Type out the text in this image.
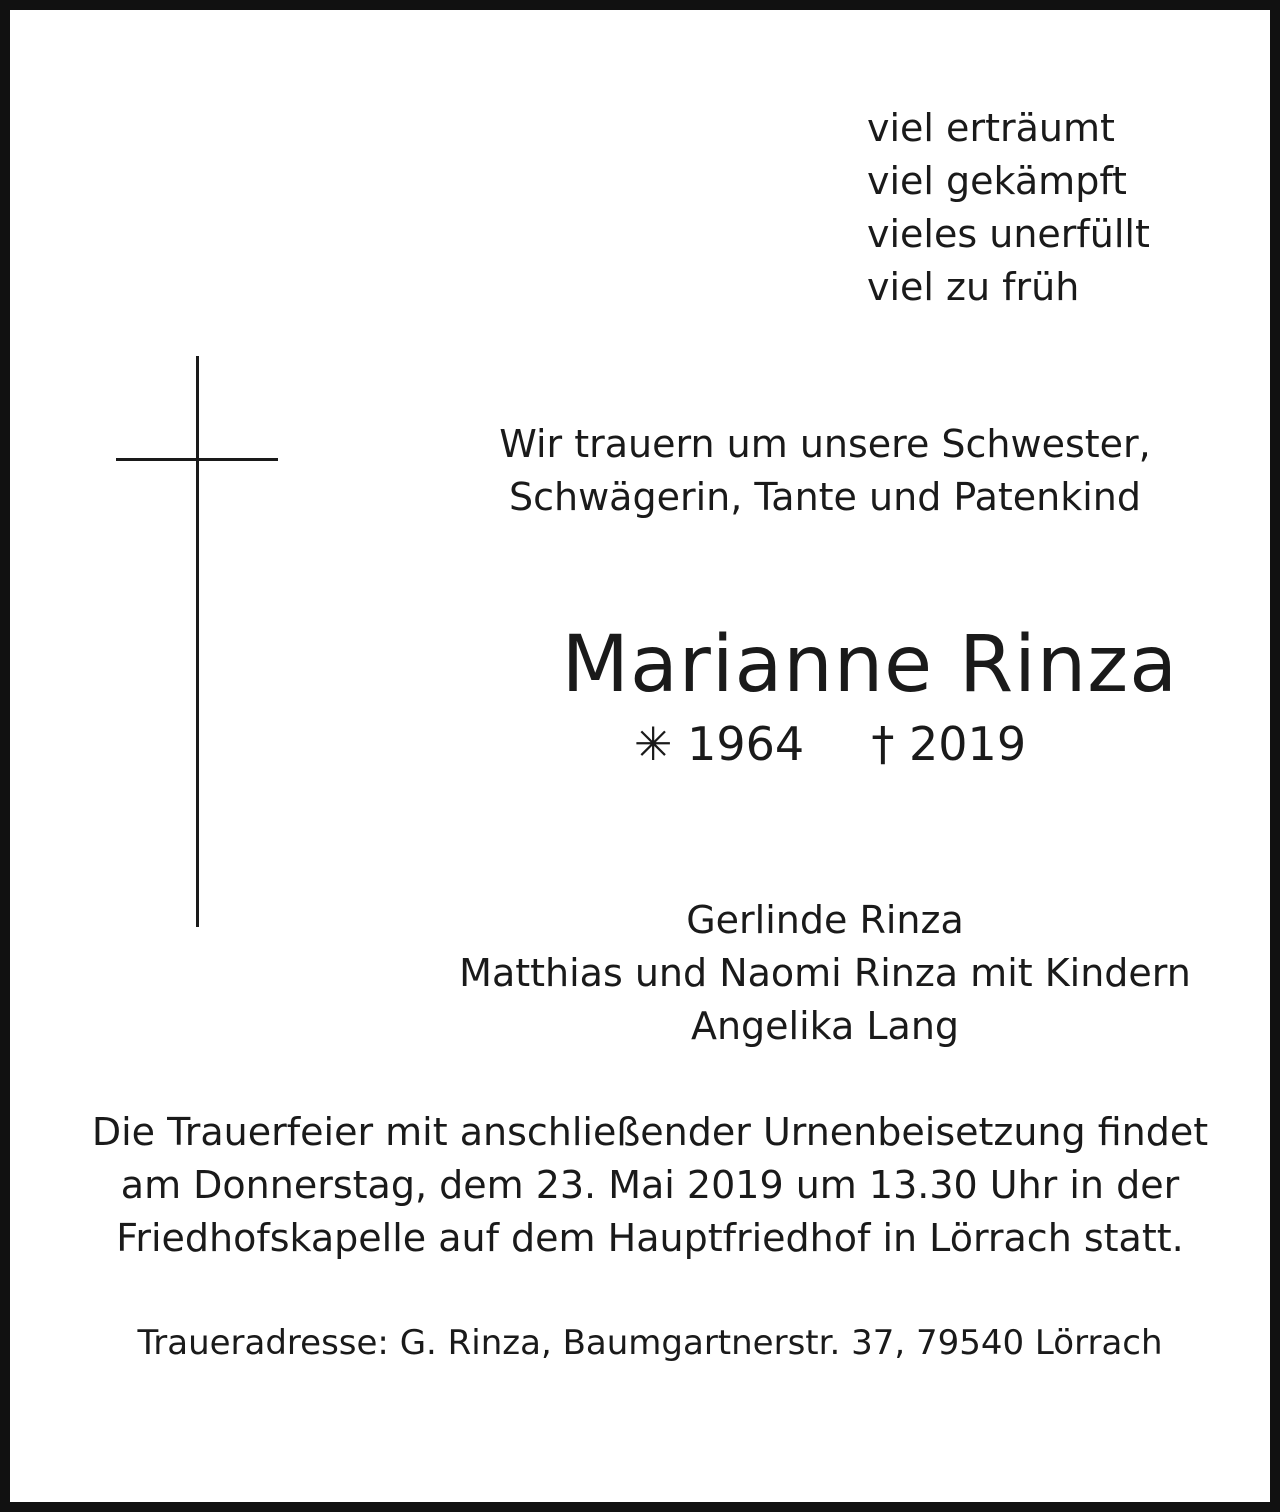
viel erträumt
viel gekämpft
vieles unerfüllt
viel zu früh
Wir trauern um unsere Schwester,
Schwägerin, Tante und Patenkind
Marianne Rinza
✳ 1964 † 2019
Gerlinde Rinza
Matthias und Naomi Rinza mit Kindern
Angelika Lang
Die Trauerfeier mit anschließender Urnenbeisetzung findet
am Donnerstag, dem 23. Mai 2019 um 13.30 Uhr in der
Friedhofskapelle auf dem Hauptfriedhof in Lörrach statt.
Traueradresse: G. Rinza, Baumgartnerstr. 37, 79540 Lörrach
